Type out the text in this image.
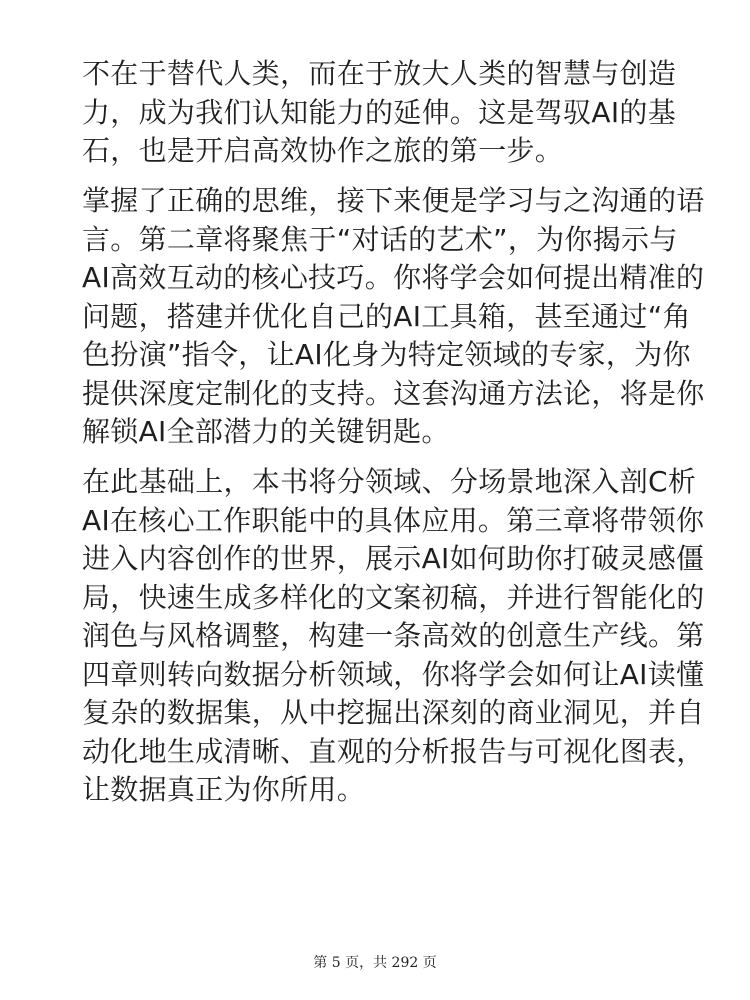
不在于替代人类，而在于放大人类的智慧与创造
力，成为我们认知能力的延伸。这是驾驭AI的基
石，也是开启高效协作之旅的第一步。

掌握了正确的思维，接下来便是学习与之沟通的语
言。第二章将聚焦于“对话的艺术”，为你揭示与
AI高效互动的核心技巧。你将学会如何提出精准的
问题，搭建并优化自己的AI工具箱，甚至通过“角
色扮演”指令，让AI化身为特定领域的专家，为你
提供深度定制化的支持。这套沟通方法论，将是你
解锁AI全部潜力的关键钥匙。

在此基础上，本书将分领域、分场景地深入剖C析
AI在核心工作职能中的具体应用。第三章将带领你
进入内容创作的世界，展示AI如何助你打破灵感僵
局，快速生成多样化的文案初稿，并进行智能化的
润色与风格调整，构建一条高效的创意生产线。第
四章则转向数据分析领域，你将学会如何让AI读懂
复杂的数据集，从中挖掘出深刻的商业洞见，并自
动化地生成清晰、直观的分析报告与可视化图表，
让数据真正为你所用。

第 5 页，共 292 页
